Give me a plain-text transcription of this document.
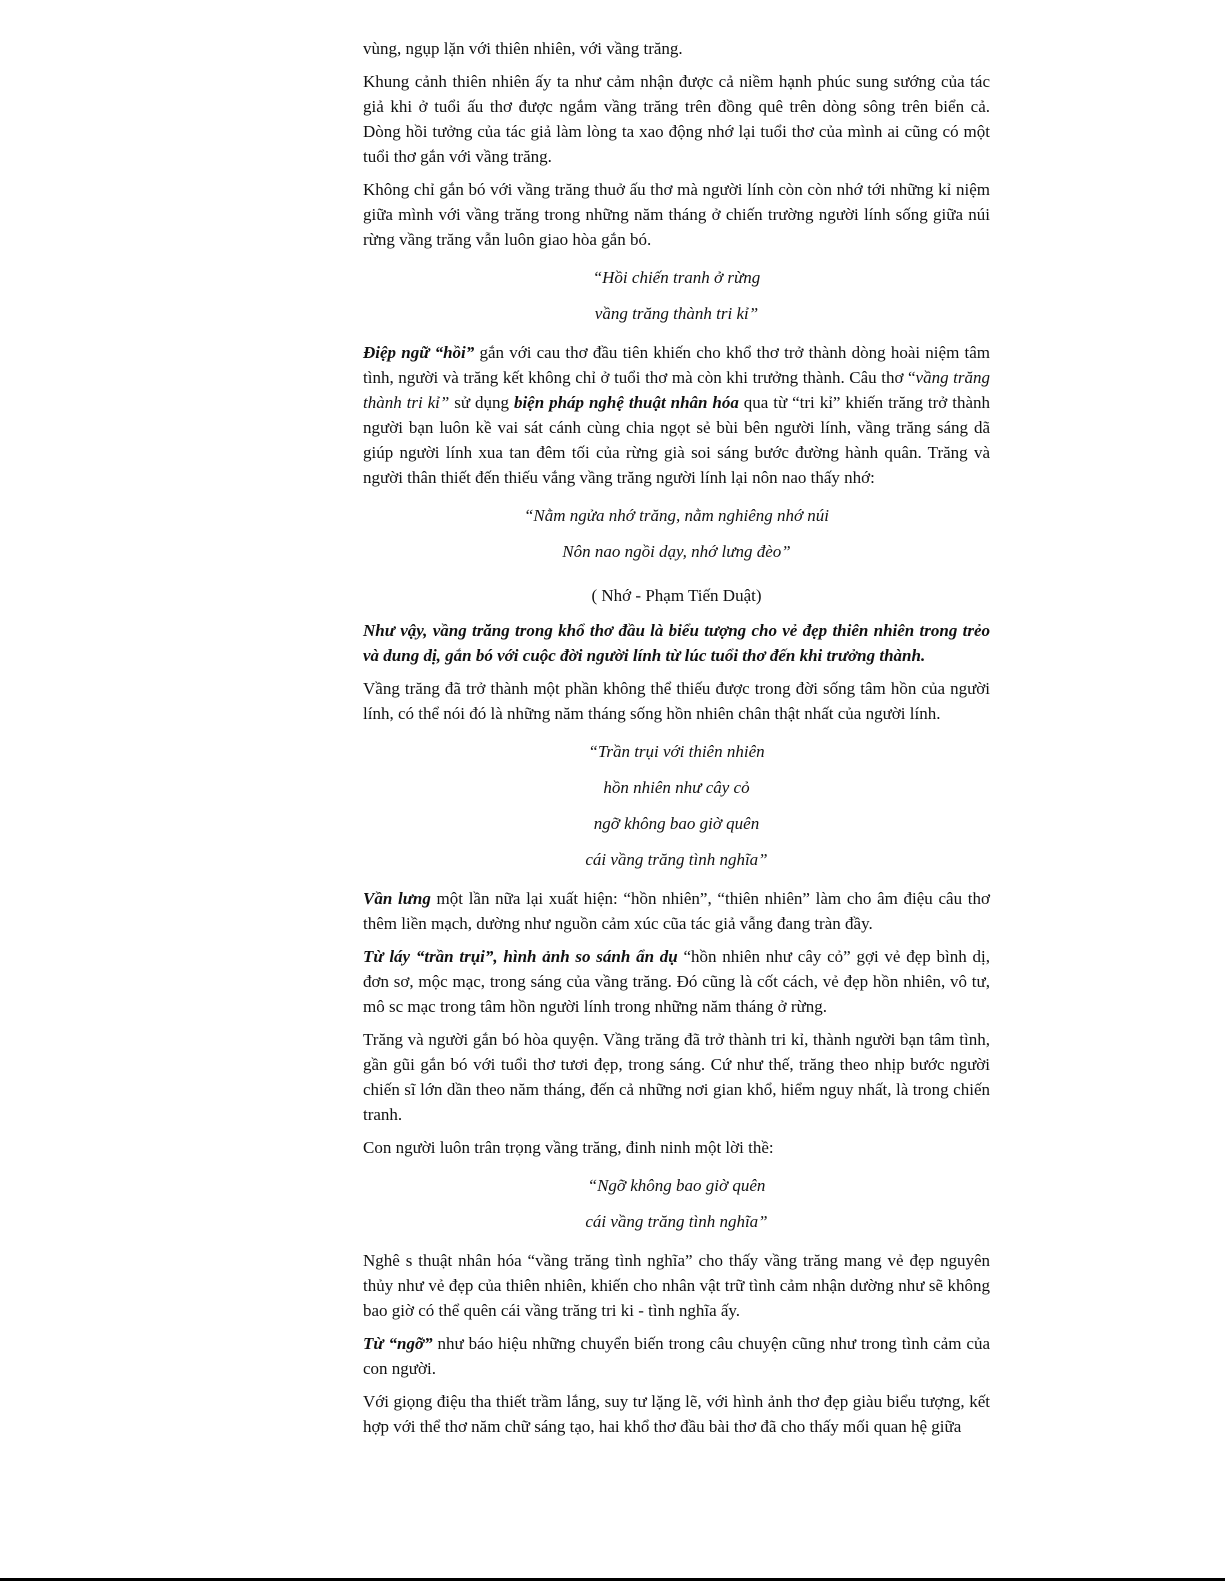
vùng, ngụp lặn với thiên nhiên, với vầng trăng.

Khung cảnh thiên nhiên ấy ta như cảm nhận được cả niềm hạnh phúc sung sướng của tác giả khi ở tuổi ấu thơ được ngắm vầng trăng trên đồng quê trên dòng sông trên biển cả. Dòng hồi tưởng của tác giả làm lòng ta xao động nhớ lại tuổi thơ của mình ai cũng có một tuổi thơ gắn với vầng trăng.

Không chỉ gắn bó với vầng trăng thuở ấu thơ mà người lính còn còn nhớ tới những kỉ niệm giữa mình với vầng trăng trong những năm tháng ở chiến trường người lính sống giữa núi rừng vầng trăng vẫn luôn giao hòa gắn bó.

“Hồi chiến tranh ở rừng
vầng trăng thành tri kỉ”

Điệp ngữ “hồi” gắn với cau thơ đầu tiên khiến cho khổ thơ trở thành dòng hoài niệm tâm tình, người và trăng kết không chỉ ở tuổi thơ mà còn khi trưởng thành. Câu thơ “vầng trăng thành tri kỉ” sử dụng biện pháp nghệ thuật nhân hóa qua từ “tri kỉ” khiến trăng trở thành người bạn luôn kề vai sát cánh cùng chia ngọt sẻ bùi bên người lính, vầng trăng sáng dã giúp người lính xua tan đêm tối của rừng già soi sáng bước đường hành quân. Trăng và người thân thiết đến thiếu vắng vầng trăng người lính lại nôn nao thấy nhớ:

“Nằm ngửa nhớ trăng, nằm nghiêng nhớ núi
Nôn nao ngồi dạy, nhớ lưng đèo”
( Nhớ - Phạm Tiến Duật)

Như vậy, vầng trăng trong khổ thơ đầu là biểu tượng cho vẻ đẹp thiên nhiên trong trẻo và dung dị, gắn bó với cuộc đời người lính từ lúc tuổi thơ đến khi trưởng thành.

Vầng trăng đã trở thành một phần không thể thiếu được trong đời sống tâm hồn của người lính, có thể nói đó là những năm tháng sống hồn nhiên chân thật nhất của người lính.

“Trần trụi với thiên nhiên
hồn nhiên như cây cỏ
ngỡ không bao giờ quên
cái vầng trăng tình nghĩa”

Vần lưng một lần nữa lại xuất hiện: “hồn nhiên”, “thiên nhiên” làm cho âm điệu câu thơ thêm liền mạch, dường như nguồn cảm xúc cũa tác giả vẫng đang tràn đầy.

Từ láy “trần trụi”, hình ảnh so sánh ẩn dụ “hồn nhiên như cây cỏ” gợi vẻ đẹp bình dị, đơn sơ, mộc mạc, trong sáng của vầng trăng. Đó cũng là cốt cách, vẻ đẹp hồn nhiên, vô tư, mô sc mạc trong tâm hồn người lính trong những năm tháng ở rừng.

Trăng và người gắn bó hòa quyện. Vầng trăng đã trở thành tri kỉ, thành người bạn tâm tình, gần gũi gắn bó với tuổi thơ tươi đẹp, trong sáng. Cứ như thế, trăng theo nhịp bước người chiến sĩ lớn dần theo năm tháng, đến cả những nơi gian khổ, hiểm nguy nhất, là trong chiến tranh.

Con người luôn trân trọng vầng trăng, đinh ninh một lời thề:

“Ngỡ không bao giờ quên
cái vầng trăng tình nghĩa”

Nghê s thuật nhân hóa “vầng trăng tình nghĩa” cho thấy vầng trăng mang vẻ đẹp nguyên thủy như vẻ đẹp của thiên nhiên, khiến cho nhân vật trữ tình cảm nhận dường như sẽ không bao giờ có thể quên cái vầng trăng tri ki - tình nghĩa ấy.

Từ “ngỡ” như báo hiệu những chuyển biến trong câu chuyện cũng như trong tình cảm của con người.

Với giọng điệu tha thiết trầm lắng, suy tư lặng lẽ, với hình ảnh thơ đẹp giàu biểu tượng, kết hợp với thể thơ năm chữ sáng tạo, hai khổ thơ đầu bài thơ đã cho thấy mối quan hệ giữa
